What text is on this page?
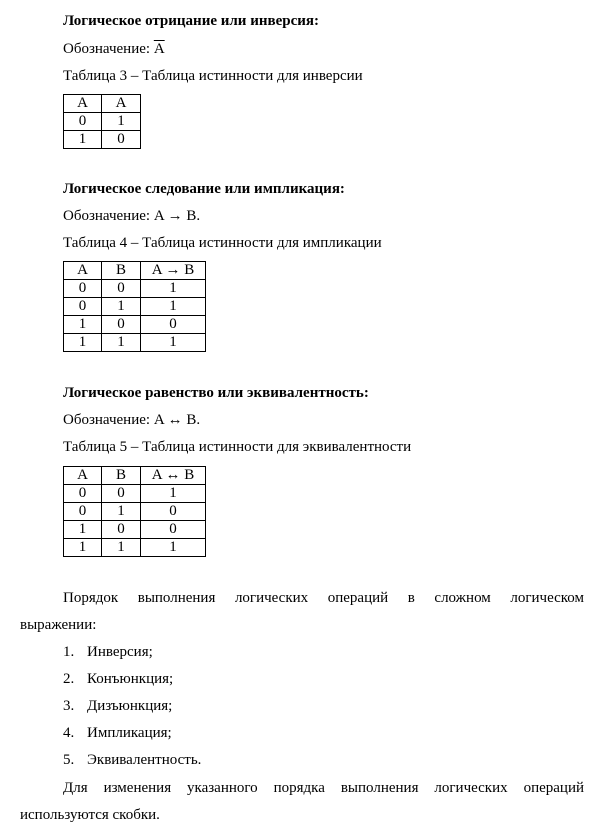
Логическое отрицание или инверсия:
Обозначение: $\overline{A}$
Таблица 3 – Таблица истинности для инверсии
A	$\overline{A}$
0	1
1	0
Логическое следование или импликация:
Обозначение: A → B.
Таблица 4 – Таблица истинности для импликации
A	B	A → B
0	0	1
0	1	1
1	0	0
1	1	1
Логическое равенство или эквивалентность:
Обозначение: A ↔ B.
Таблица 5 – Таблица истинности для эквивалентности
A	B	A ↔ B
0	0	1
0	1	0
1	0	0
1	1	1
Порядок выполнения логических операций в сложном логическом
выражении:
1. Инверсия;
2. Конъюнкция;
3. Дизъюнкция;
4. Импликация;
5. Эквивалентность.
Для изменения указанного порядка выполнения логических операций
используются скобки.
